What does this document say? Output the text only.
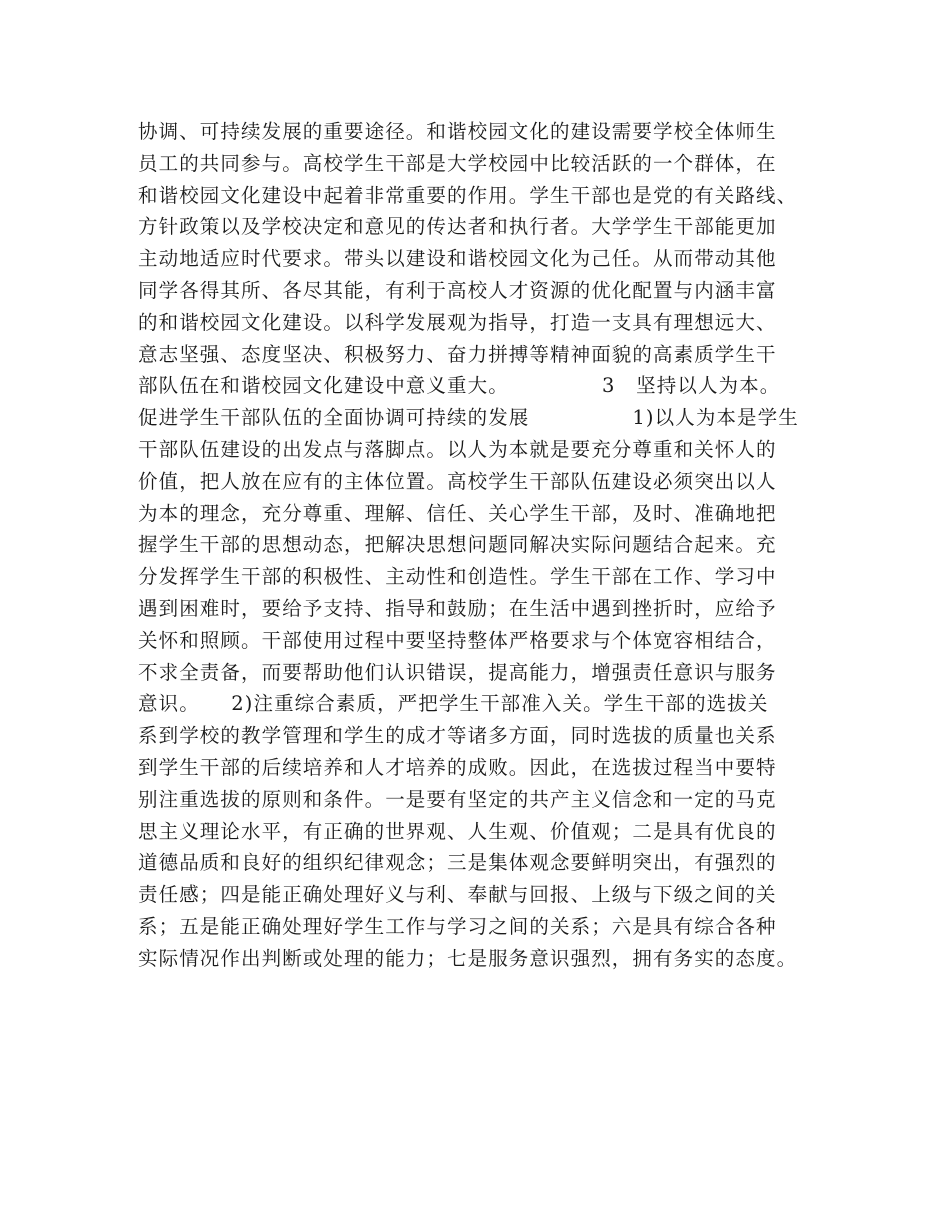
协调、可持续发展的重要途径。和谐校园文化的建设需要学校全体师生
员工的共同参与。高校学生干部是大学校园中比较活跃的一个群体，在
和谐校园文化建设中起着非常重要的作用。学生干部也是党的有关路线、
方针政策以及学校决定和意见的传达者和执行者。大学学生干部能更加
主动地适应时代要求。带头以建设和谐校园文化为己任。从而带动其他
同学各得其所、各尽其能，有利于高校人才资源的优化配置与内涵丰富
的和谐校园文化建设。以科学发展观为指导，打造一支具有理想远大、
意志坚强、态度坚决、积极努力、奋力拼搏等精神面貌的高素质学生干
部队伍在和谐校园文化建设中意义重大。　　　　　3　坚持以人为本。
促进学生干部队伍的全面协调可持续的发展　　　　　1)以人为本是学生
干部队伍建设的出发点与落脚点。以人为本就是要充分尊重和关怀人的
价值，把人放在应有的主体位置。高校学生干部队伍建设必须突出以人
为本的理念，充分尊重、理解、信任、关心学生干部，及时、准确地把
握学生干部的思想动态，把解决思想问题同解决实际问题结合起来。充
分发挥学生干部的积极性、主动性和创造性。学生干部在工作、学习中
遇到困难时，要给予支持、指导和鼓励；在生活中遇到挫折时，应给予
关怀和照顾。干部使用过程中要坚持整体严格要求与个体宽容相结合，
不求全责备，而要帮助他们认识错误，提高能力，增强责任意识与服务
意识。　　2)注重综合素质，严把学生干部准入关。学生干部的选拔关
系到学校的教学管理和学生的成才等诸多方面，同时选拔的质量也关系
到学生干部的后续培养和人才培养的成败。因此，在选拔过程当中要特
别注重选拔的原则和条件。一是要有坚定的共产主义信念和一定的马克
思主义理论水平，有正确的世界观、人生观、价值观；二是具有优良的
道德品质和良好的组织纪律观念；三是集体观念要鲜明突出，有强烈的
责任感；四是能正确处理好义与利、奉献与回报、上级与下级之间的关
系；五是能正确处理好学生工作与学习之间的关系；六是具有综合各种
实际情况作出判断或处理的能力；七是服务意识强烈，拥有务实的态度。
